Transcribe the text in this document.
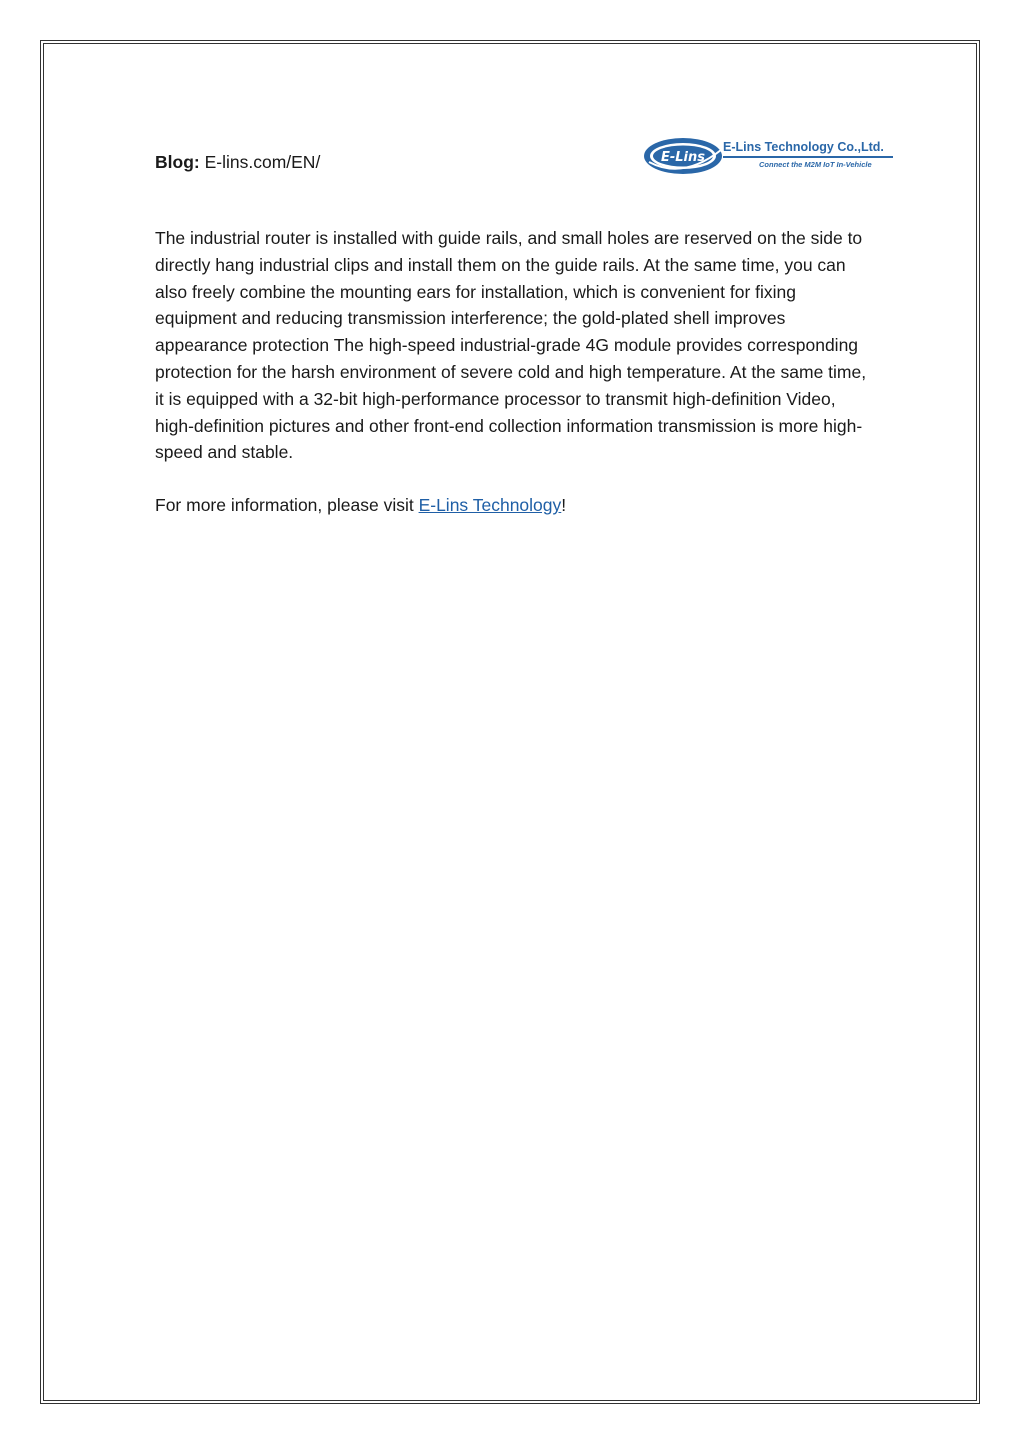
Blog: E-lins.com/EN/	E-Lins
E-Lins Technology Co.,Ltd.
Connect the M2M IoT In-Vehicle

The industrial router is installed with guide rails, and small holes are reserved on the side to directly hang industrial clips and install them on the guide rails. At the same time, you can also freely combine the mounting ears for installation, which is convenient for fixing equipment and reducing transmission interference; the gold-plated shell improves appearance protection The high-speed industrial-grade 4G module provides corresponding protection for the harsh environment of severe cold and high temperature. At the same time, it is equipped with a 32-bit high-performance processor to transmit high-definition Video, high-definition pictures and other front-end collection information transmission is more high-speed and stable.

For more information, please visit E-Lins Technology!
